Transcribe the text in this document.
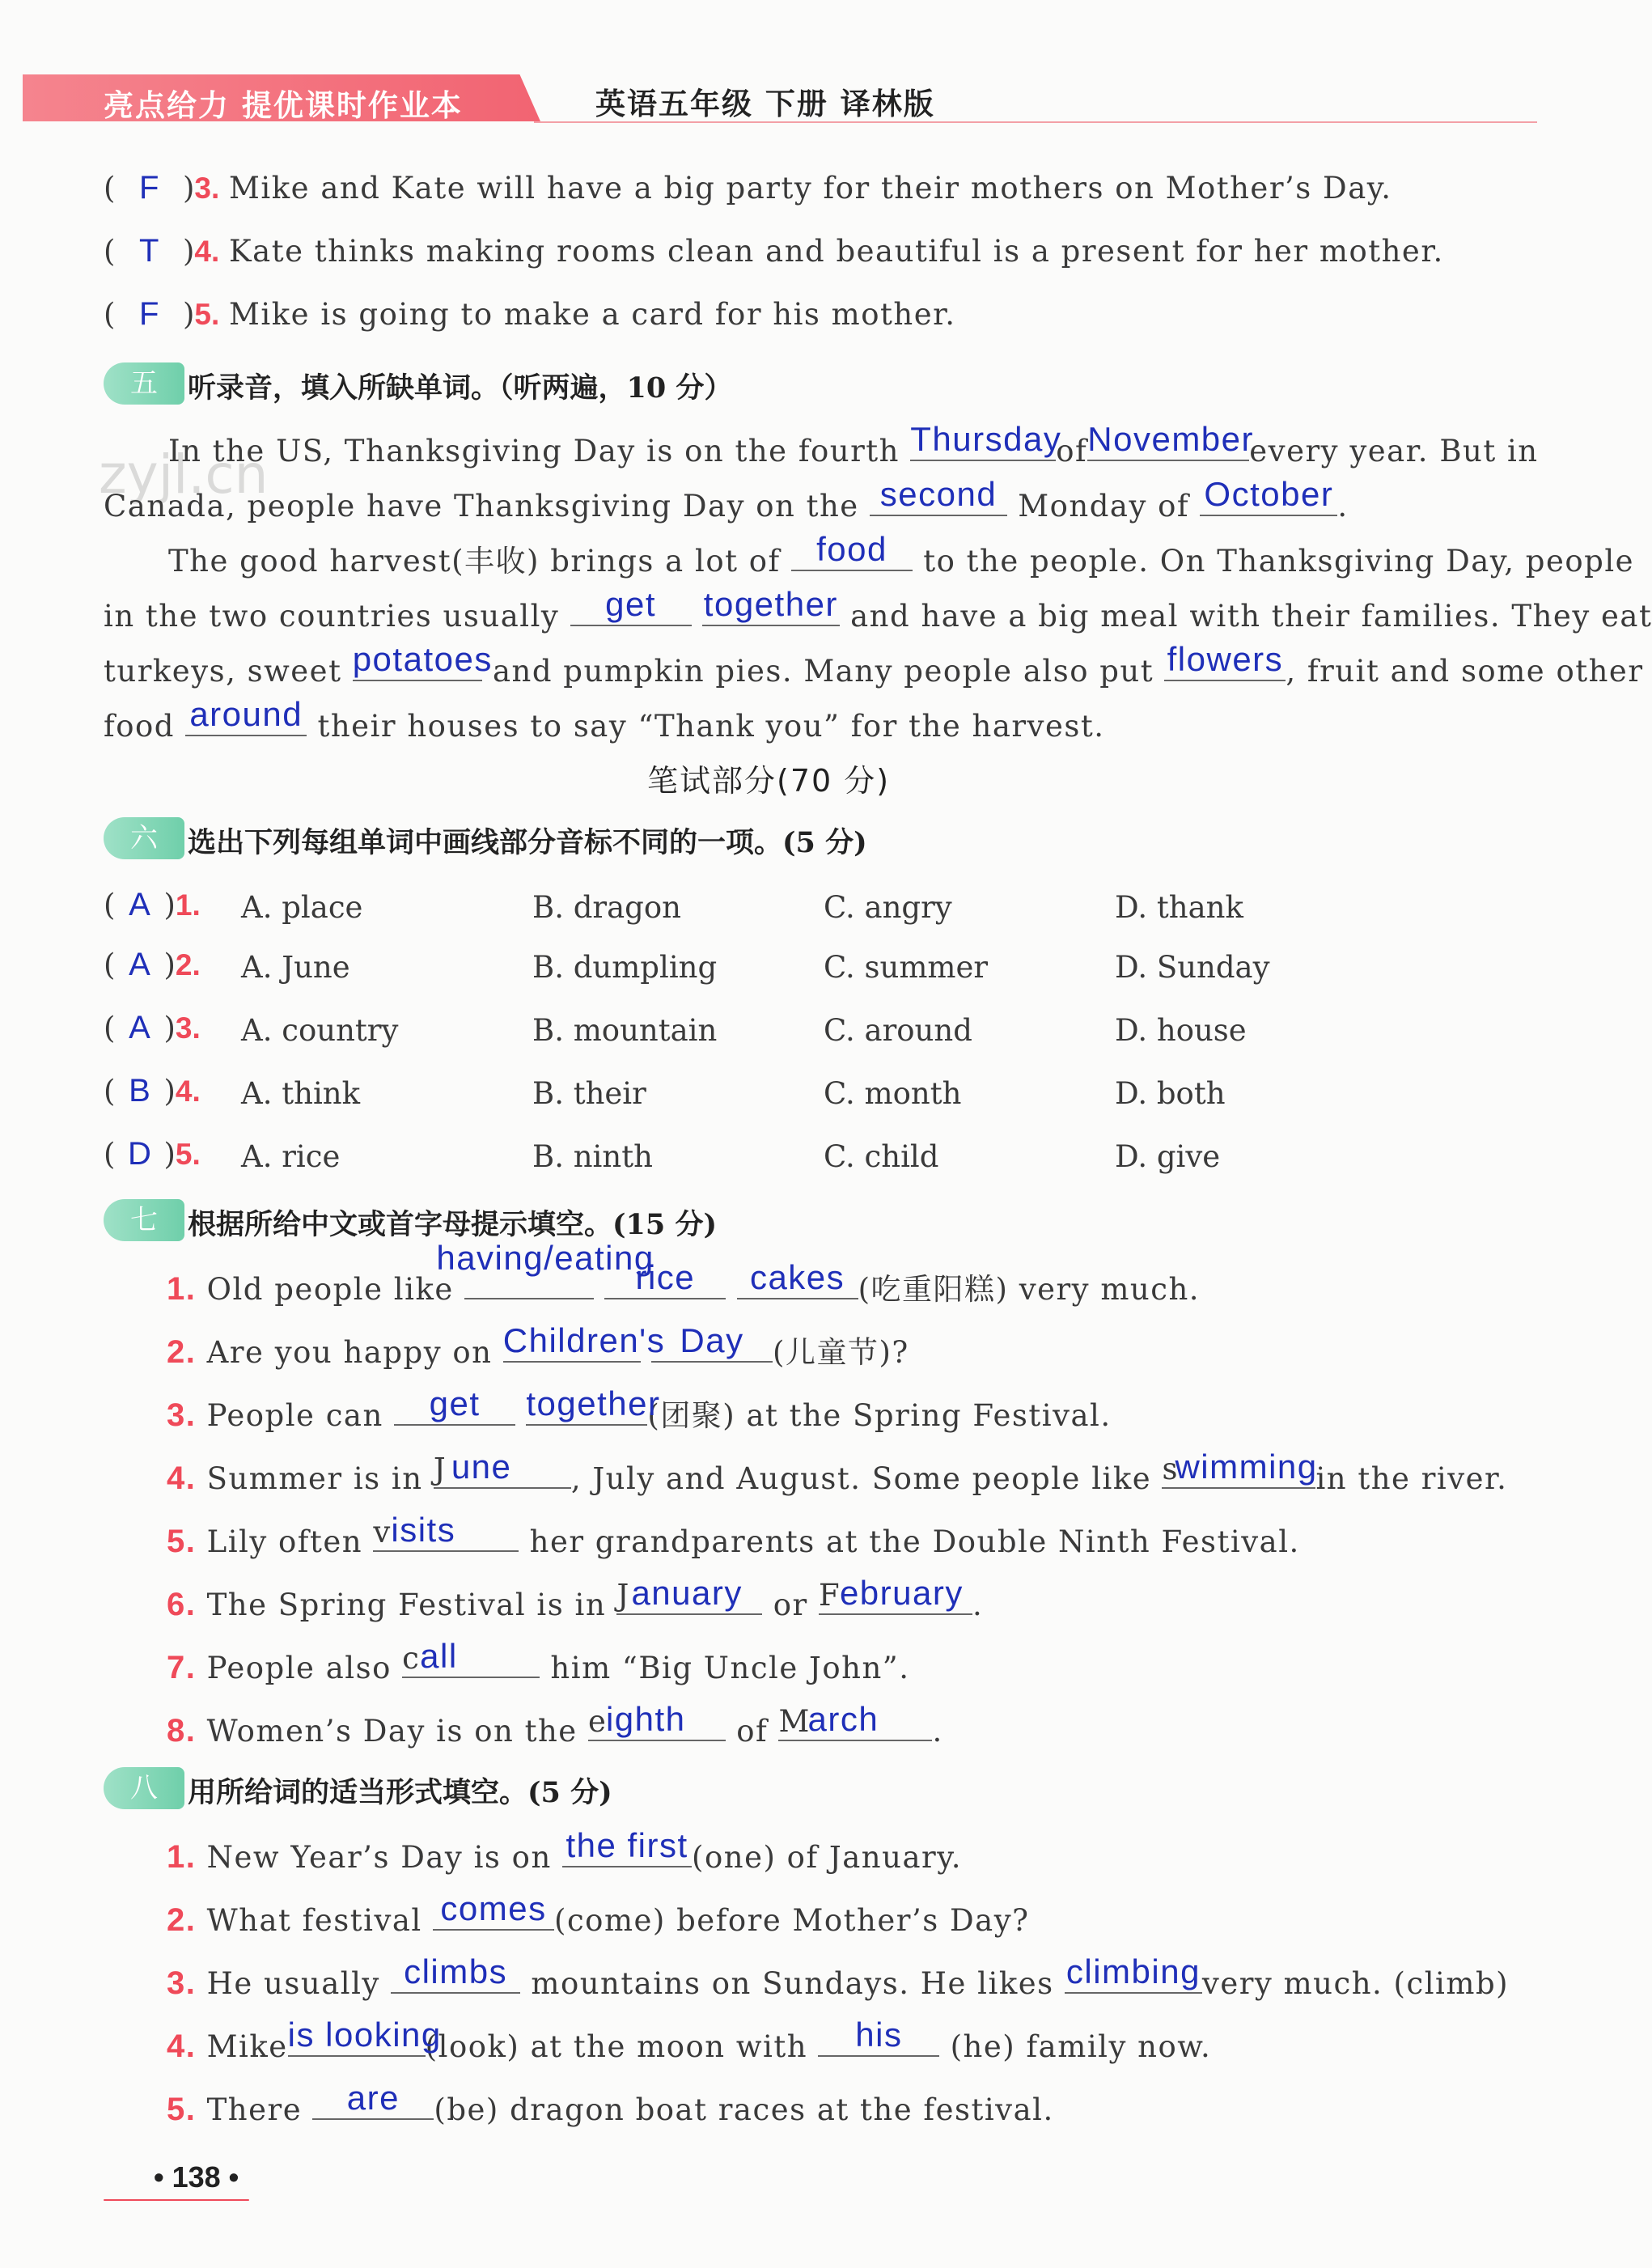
亮点给力 提优课时作业本	英语五年级 下册 译林版
( F )3. Mike and Kate will have a big party for their mothers on Mother’s Day.
( T )4. Kate thinks making rooms clean and beautiful is a present for her mother.
( F )5. Mike is going to make a card for his mother.
五	听录音，填入所缺单词。（听两遍，10 分）
zyjl.cn
In the US, Thanksgiving Day is on the fourth Thursday
of November
every year. But in
Canada, people have Thanksgiving Day on the second Monday of October .
The good harvest(丰收) brings a lot of	food	to the people. On Thanksgiving Day, people
in the two countries usually	get
	together and have a big meal with their families. They eat
turkeys, sweet potatoes and pumpkin pies. Many people also put flowers , fruit and some other
food around their houses to say “Thank you” for the harvest.
笔试部分(70 分)
六	选出下列每组单词中画线部分音标不同的一项。(5 分)
( A )1. A. place	B. dragon	C. angry	D. thank
( A )2. A. June	B. dumpling	C. summer	D. Sunday
( A )3. A. country	B. mountain	C. around	D. house
( B )4. A. think	B. their	C. month	D. both
( D )5. A. rice	B. ninth	C. child	D. give
七	根据所给中文或首字母提示填空。(15 分)
1. Old people like
having/eating

rice
	cakes (吃重阳糕) very much.
2. Are you happy on Children's
Day (儿童节)?
3. People can	get
	together
(团聚) at the Spring Festival.
4. Summer is in J une , July and August. Some people like s
wimming
in the river.
5. Lily often v isits her grandparents at the Double Ninth Festival.
6. The Spring Festival is in J anuary or F
ebruary .
7. People also c all	him “Big Uncle John”.
8. Women’s Day is on the e
ighth of M
arch .
八	用所给词的适当形式填空。(5 分)
1. New Year’s Day is on the first (one) of January.
2. What festival comes (come) before Mother’s Day?
3. He usually climbs mountains on Sundays. He likes climbing very much. (climb)
4. Mike is looking
(look) at the moon with	his	(he) family now.
5. There	are	(be) dragon boat races at the festival.
• 138 •
